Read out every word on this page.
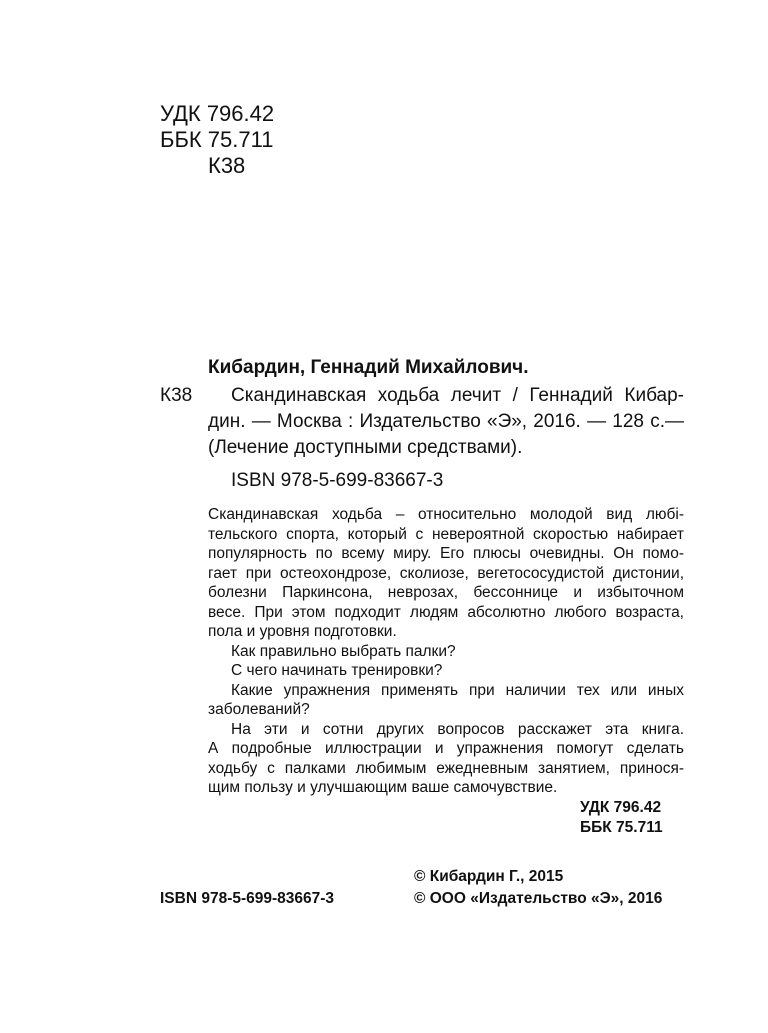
УДК 796.42
ББК 75.711
К38
Кибардин, Геннадий Михайлович.
К38 Скандинавская ходьба лечит / Геннадий Кибар-
дин. — Москва : Издательство «Э», 2016. — 128 с.—
(Лечение доступными средствами).
ISBN 978-5-699-83667-3
Скандинавская ходьба – относительно молодой вид любi-
тельского спорта, который с невероятной скоростью набирает
популярность по всему миру. Его плюсы очевидны. Он помо-
гает при остеохондрозе, сколиозе, вегетососудистой дистонии,
болезни Паркинсона, неврозах, бессоннице и избыточном
весе. При этом подходит людям абсолютно любого возраста,
пола и уровня подготовки.
Как правильно выбрать палки?
С чего начинать тренировки?
Какие упражнения применять при наличии тех или иных
заболеваний?
На эти и сотни других вопросов расскажет эта книга.
А подробные иллюстрации и упражнения помогут сделать
ходьбу с палками любимым ежедневным занятием, принося-
щим пользу и улучшающим ваше самочувствие.
УДК 796.42
ББК 75.711
© Кибардин Г., 2015
ISBN 978-5-699-83667-3	© ООО «Издательство «Э», 2016
